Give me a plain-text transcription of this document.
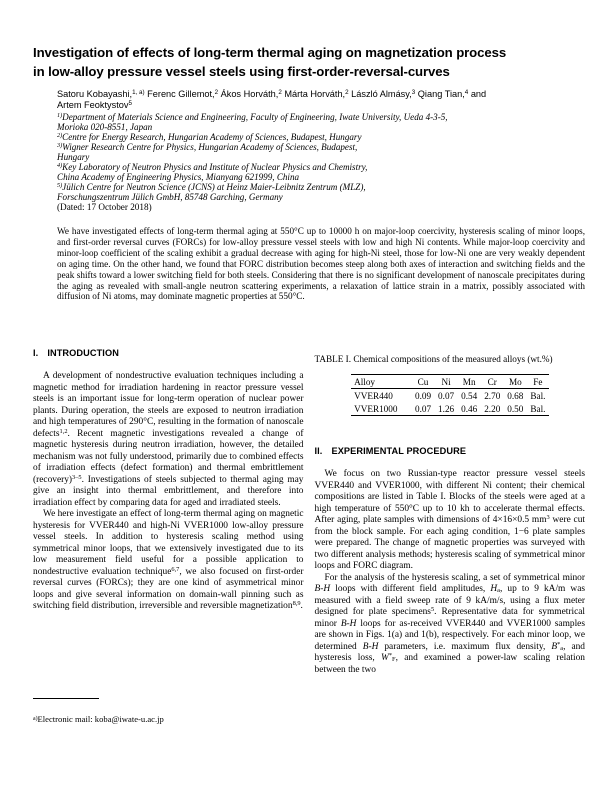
Investigation of effects of long-term thermal aging on magnetization process
in low-alloy pressure vessel steels using first-order-reversal-curves
Satoru Kobayashi,$^{1, a)}$ Ferenc Gillemot,$^2$ Ákos Horváth,$^2$ Márta Horváth,$^2$ László Almásy,$^3$ Qiang Tian,$^4$ and
Artem Feoktystov$^5$
$^{1)}$Department of Materials Science and Engineering, Faculty of Engineering, Iwate University, Ueda 4-3-5,
Morioka 020-8551, Japan
$^{2)}$Centre for Energy Research, Hungarian Academy of Sciences, Budapest, Hungary
$^{3)}$Wigner Research Centre for Physics, Hungarian Academy of Sciences, Budapest,
Hungary
$^{4)}$Key Laboratory of Neutron Physics and Institute of Nuclear Physics and Chemistry,
China Academy of Engineering Physics, Mianyang 621999, China
$^{5)}$Jülich Centre for Neutron Science (JCNS) at Heinz Maier-Leibnitz Zentrum (MLZ),
Forschungszentrum Jülich GmbH, 85748 Garching, Germany
(Dated: 17 October 2018)
We have investigated effects of long-term thermal aging at 550°C up to 10000 h on major-loop coercivity, hysteresis scaling of minor loops, and first-order reversal curves (FORCs) for low-alloy pressure vessel steels with low and high Ni contents. While major-loop coercivity and minor-loop coefficient of the scaling exhibit a gradual decrease with aging for high-Ni steel, those for low-Ni one are very weakly dependent on aging time. On the other hand, we found that FORC distribution becomes steep along both axes of interaction and switching fields and the peak shifts toward a lower switching field for both steels. Considering that there is no significant development of nanoscale precipitates during the aging as revealed with small-angle neutron scattering experiments, a relaxation of lattice strain in a matrix, possibly associated with diffusion of Ni atoms, may dominate magnetic properties at 550°C.
I. INTRODUCTION

A development of nondestructive evaluation techniques including a magnetic method for irradiation hardening in reactor pressure vessel steels is an important issue for long-term operation of nuclear power plants. During operation, the steels are exposed to neutron irradiation and high temperatures of 290°C, resulting in the formation of nanoscale defects$^{1,2}$. Recent magnetic investigations revealed a change of magnetic hysteresis during neutron irradiation, however, the detailed mechanism was not fully understood, primarily due to combined effects of irradiation effects (defect formation) and thermal embrittlement (recovery)$^{3-5}$. Investigations of steels subjected to thermal aging may give an insight into thermal embrittlement, and therefore into irradiation effect by comparing data for aged and irradiated steels.

We here investigate an effect of long-term thermal aging on magnetic hysteresis for VVER440 and high-Ni VVER1000 low-alloy pressure vessel steels. In addition to hysteresis scaling method using symmetrical minor loops, that we extensively investigated due to its low measurement field useful for a possible application to nondestructive evaluation technique$^{6,7}$, we also focused on first-order reversal curves (FORCs); they are one kind of asymmetrical minor loops and give several information on domain-wall pinning such as switching field distribution, irreversible and reversible magnetization$^{8,9}$.

$^{a)}$Electronic mail: koba@iwate-u.ac.jp
TABLE I. Chemical compositions of the measured alloys (wt.%)
Alloy	Cu	Ni	Mn	Cr	Mo	Fe
VVER440	0.09	0.07	0.54	2.70	0.68	Bal.
VVER1000	0.07	1.26	0.46	2.20	0.50	Bal.
II. EXPERIMENTAL PROCEDURE

We focus on two Russian-type reactor pressure vessel steels VVER440 and VVER1000, with different Ni content; their chemical compositions are listed in Table I. Blocks of the steels were aged at a high temperature of 550°C up to 10 kh to accelerate thermal effects. After aging, plate samples with dimensions of 4×16×0.5 $mm^3$ were cut from the block sample. For each aging condition, 1−6 plate samples were prepared. The change of magnetic properties was surveyed with two different analysis methods; hysteresis scaling of symmetrical minor loops and FORC diagram.

For the analysis of the hysteresis scaling, a set of symmetrical minor B-H loops with different field amplitudes, $H_a$, up to 9 kA/m was measured with a field sweep rate of 9 kA/m/s, using a flux meter designed for plate specimens$^5$. Representative data for symmetrical minor B-H loops for as-received VVER440 and VVER1000 samples are shown in Figs. 1(a) and 1(b), respectively. For each minor loop, we determined B-H parameters, i.e. maximum flux density, $B^*_a$, and hysteresis loss, $W^*_F$, and examined a power-law scaling relation between the two
